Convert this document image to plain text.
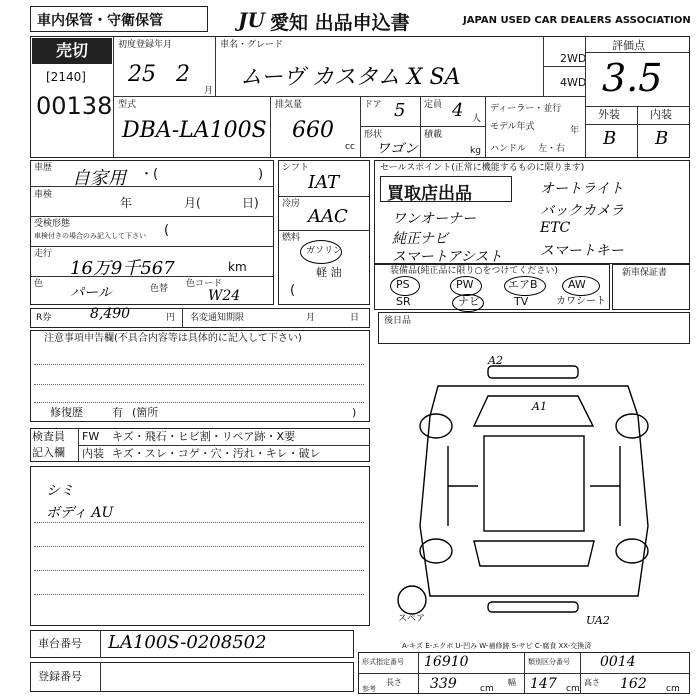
車内保管・守衛保管	JU 愛知 出品申込書	JAPAN USED CAR DEALERS ASSOCIATION
売切
[2140]
00138
初度登録年月
25 2
月
車名・グレード
ムーヴ カスタム X SA
2WD
4WD
評価点
3.5
外装	内装
B B
型式
DBA-LA100S
排気量
660
cc
ドア 5 定員 4 人
形状
ワゴン
積載
kg
ディーラー・並行
モデル年式	年
ハンドル 左・右
車歴 自家用 ・(	)
車検
年	月(	日)
受検形態
車検付きの場合のみ記入して下さい (
走行
16万9千567	km
色
パール	色替 色コード
W24
シフト
IAT
冷房
AAC
燃料
ガソリン
軽 油
(
セールスポイント(正常に機能するものに限ります)
買取店出品	オートライト
バックカメラ
ワンオーナー
ETC
純正ナビ
スマートキー
スマートアシスト
装備品(純正品に限り○をつけてください)
PS	PW	エアB	AW
SR	ナビ	TV	カワシート
新車保証書
R券	8,490	円 名変通知期限	月	日	後日品
注意事項申告欄(不具合内容等は具体的に記入して下さい)
修復歴	有 (箇所	)
検査員
記入欄
FW キズ・飛石・ヒビ割・リペア跡・X要
内装 キズ・スレ・コゲ・穴・汚れ・キレ・破レ
シミ
ボディ AU
A2
A1
UA2
スペア
車台番号 LA100S-0208502
登録番号
A-キズ E-エクボ U-凹み W-補修跡 S-サビ C-腐食 XX-交換済
形式指定番号 16910	類別区分番号 0014
参考
長さ 339	cm
幅 147 cm
高さ 162 cm
